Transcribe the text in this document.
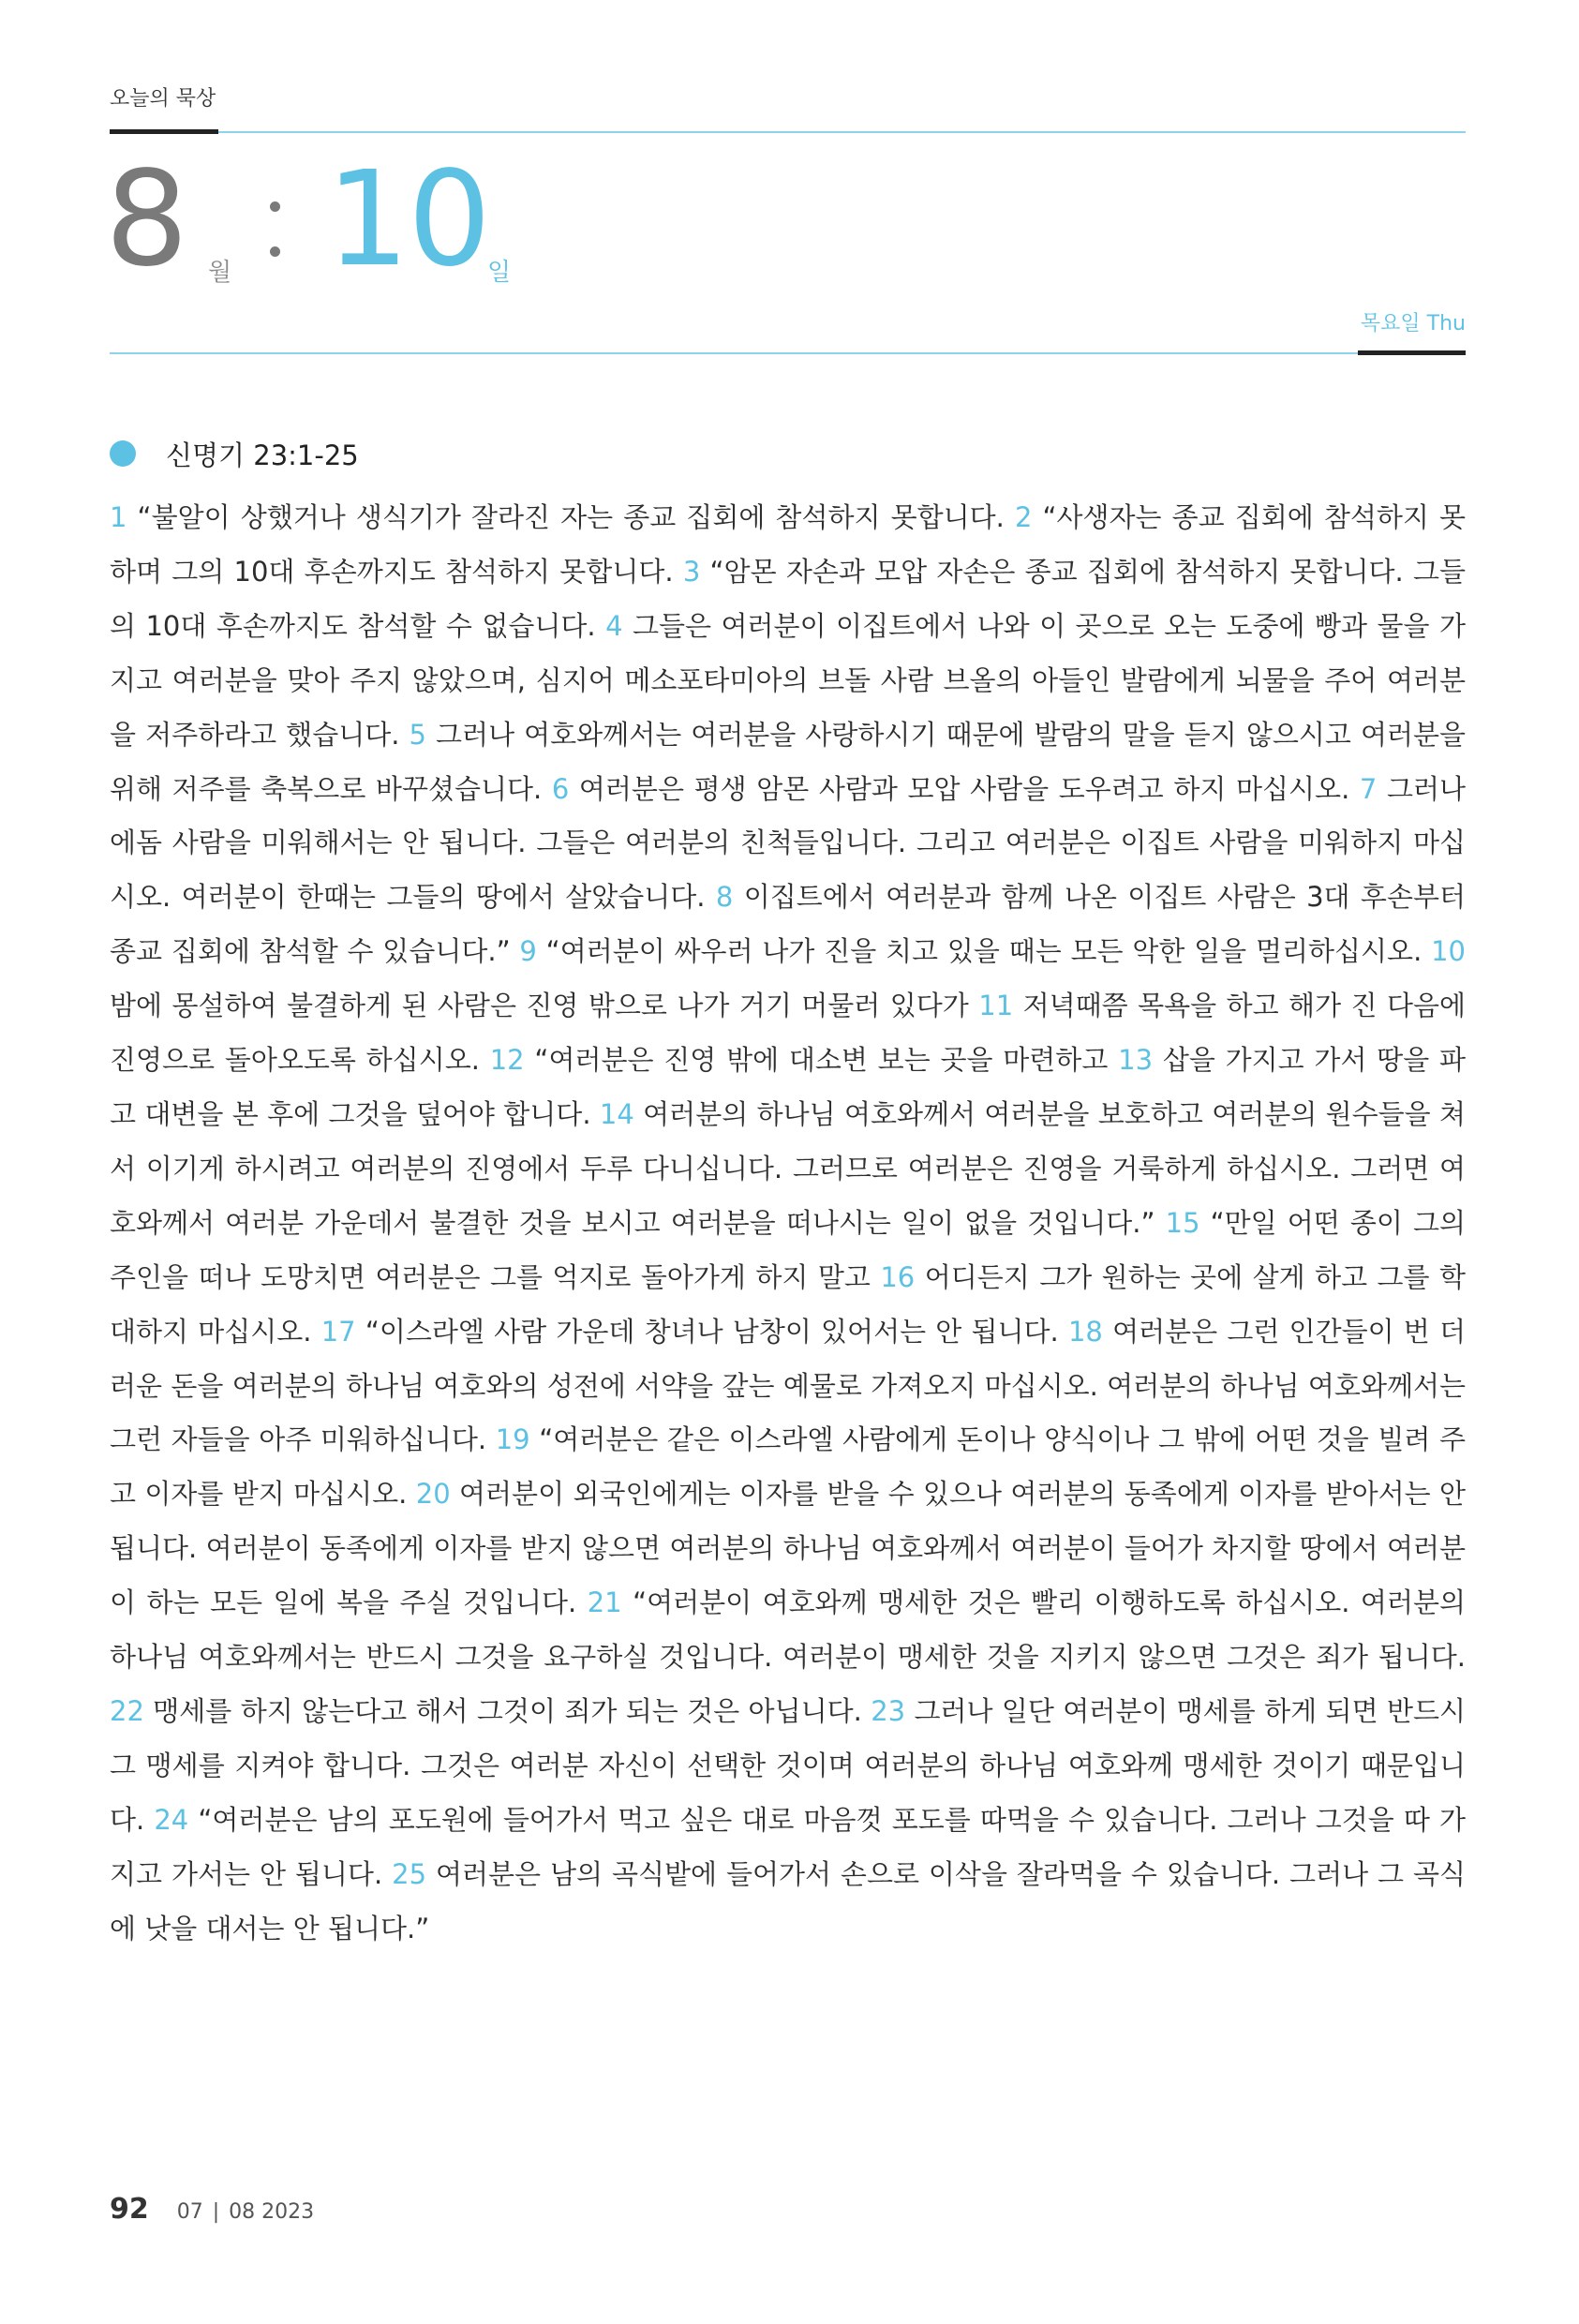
오늘의 묵상
8 월 10
일
목요일 Thu
신명기 23:1-25
1 “불알이 상했거나 생식기가 잘라진 자는 종교 집회에 참석하지 못합니다. 2 “사생자는 종교 집회에 참석하지 못하며 그의 10대 후손까지도 참석하지 못합니다. 3 “암몬 자손과 모압 자손은 종교 집회에 참석하지 못합니다. 그들의 10대 후손까지도 참석할 수 없습니다. 4 그들은 여러분이 이집트에서 나와 이 곳으로 오는 도중에 빵과 물을 가지고 여러분을 맞아 주지 않았으며, 심지어 메소포타미아의 브돌 사람 브올의 아들인 발람에게 뇌물을 주어 여러분을 저주하라고 했습니다. 5 그러나 여호와께서는 여러분을 사랑하시기 때문에 발람의 말을 듣지 않으시고 여러분을 위해 저주를 축복으로 바꾸셨습니다. 6 여러분은 평생 암몬 사람과 모압 사람을 도우려고 하지 마십시오. 7 그러나 에돔 사람을 미워해서는 안 됩니다. 그들은 여러분의 친척들입니다. 그리고 여러분은 이집트 사람을 미워하지 마십시오. 여러분이 한때는 그들의 땅에서 살았습니다. 8 이집트에서 여러분과 함께 나온 이집트 사람은 3대 후손부터 종교 집회에 참석할 수 있습니다.” 9 “여러분이 싸우러 나가 진을 치고 있을 때는 모든 악한 일을 멀리하십시오. 10 밤에 몽설하여 불결하게 된 사람은 진영 밖으로 나가 거기 머물러 있다가 11 저녁때쯤 목욕을 하고 해가 진 다음에 진영으로 돌아오도록 하십시오. 12 “여러분은 진영 밖에 대소변 보는 곳을 마련하고 13 삽을 가지고 가서 땅을 파고 대변을 본 후에 그것을 덮어야 합니다. 14 여러분의 하나님 여호와께서 여러분을 보호하고 여러분의 원수들을 쳐서 이기게 하시려고 여러분의 진영에서 두루 다니십니다. 그러므로 여러분은 진영을 거룩하게 하십시오. 그러면 여호와께서 여러분 가운데서 불결한 것을 보시고 여러분을 떠나시는 일이 없을 것입니다.” 15 “만일 어떤 종이 그의 주인을 떠나 도망치면 여러분은 그를 억지로 돌아가게 하지 말고 16 어디든지 그가 원하는 곳에 살게 하고 그를 학대하지 마십시오. 17 “이스라엘 사람 가운데 창녀나 남창이 있어서는 안 됩니다. 18 여러분은 그런 인간들이 번 더러운 돈을 여러분의 하나님 여호와의 성전에 서약을 갚는 예물로 가져오지 마십시오. 여러분의 하나님 여호와께서는 그런 자들을 아주 미워하십니다. 19 “여러분은 같은 이스라엘 사람에게 돈이나 양식이나 그 밖에 어떤 것을 빌려 주고 이자를 받지 마십시오. 20 여러분이 외국인에게는 이자를 받을 수 있으나 여러분의 동족에게 이자를 받아서는 안 됩니다. 여러분이 동족에게 이자를 받지 않으면 여러분의 하나님 여호와께서 여러분이 들어가 차지할 땅에서 여러분이 하는 모든 일에 복을 주실 것입니다. 21 “여러분이 여호와께 맹세한 것은 빨리 이행하도록 하십시오. 여러분의 하나님 여호와께서는 반드시 그것을 요구하실 것입니다. 여러분이 맹세한 것을 지키지 않으면 그것은 죄가 됩니다. 22 맹세를 하지 않는다고 해서 그것이 죄가 되는 것은 아닙니다. 23 그러나 일단 여러분이 맹세를 하게 되면 반드시 그 맹세를 지켜야 합니다. 그것은 여러분 자신이 선택한 것이며 여러분의 하나님 여호와께 맹세한 것이기 때문입니다. 24 “여러분은 남의 포도원에 들어가서 먹고 싶은 대로 마음껏 포도를 따먹을 수 있습니다. 그러나 그것을 따 가지고 가서는 안 됩니다. 25 여러분은 남의 곡식밭에 들어가서 손으로 이삭을 잘라먹을 수 있습니다. 그러나 그 곡식에 낫을 대서는 안 됩니다.”
92 07 | 08 2023
